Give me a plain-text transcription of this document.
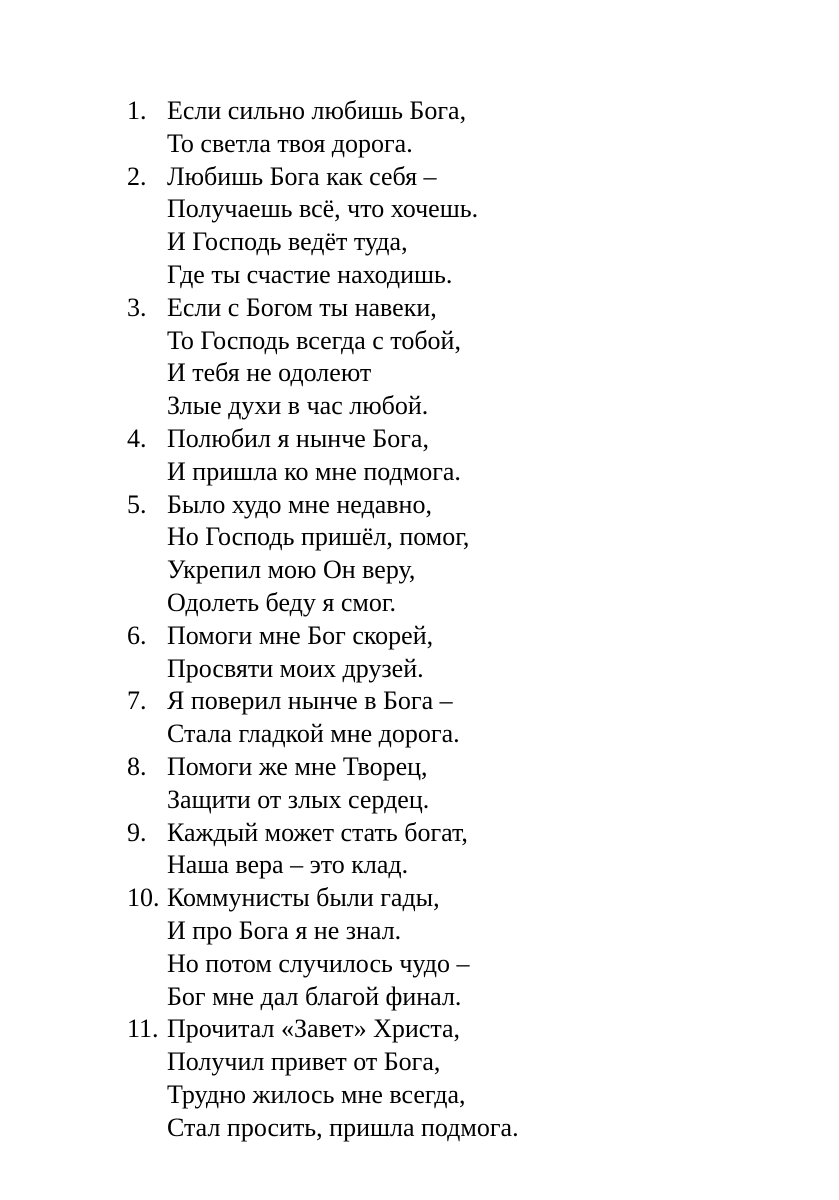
1. Если сильно любишь Бога,
То светла твоя дорога.
2. Любишь Бога как себя –
Получаешь всё, что хочешь.
И Господь ведёт туда,
Где ты счастие находишь.
3. Если с Богом ты навеки,
То Господь всегда с тобой,
И тебя не одолеют
Злые духи в час любой.
4. Полюбил я нынче Бога,
И пришла ко мне подмога.
5. Было худо мне недавно,
Но Господь пришёл, помог,
Укрепил мою Он веру,
Одолеть беду я смог.
6. Помоги мне Бог скорей,
Просвяти моих друзей.
7. Я поверил нынче в Бога –
Стала гладкой мне дорога.
8. Помоги же мне Творец,
Защити от злых сердец.
9. Каждый может стать богат,
Наша вера – это клад.
10. Коммунисты были гады,
И про Бога я не знал.
Но потом случилось чудо –
Бог мне дал благой финал.
11. Прочитал «Завет» Христа,
Получил привет от Бога,
Трудно жилось мне всегда,
Стал просить, пришла подмога.
